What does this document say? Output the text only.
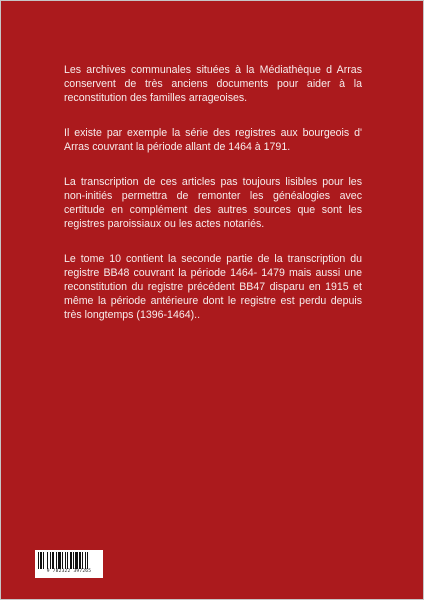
Les archives communales situées à la Médiathèque d Arras conservent de très anciens documents pour aider à la reconstitution des familles arrageoises.

Il existe par exemple la série des registres aux bourgeois d' Arras couvrant la période allant de 1464 à 1791.

La transcription de ces articles pas toujours lisibles pour les non-initiés permettra de remonter les généalogies avec certitude en complément des autres sources que sont les registres paroissiaux ou les actes notariés.

Le tome 10 contient la seconde partie de la transcription du registre BB48 couvrant la période 1464- 1479 mais aussi une reconstitution du registre précédent BB47 disparu en 1915 et même la période antérieure dont le registre est perdu depuis très longtemps (1396-1464)..

9 782322 397265
